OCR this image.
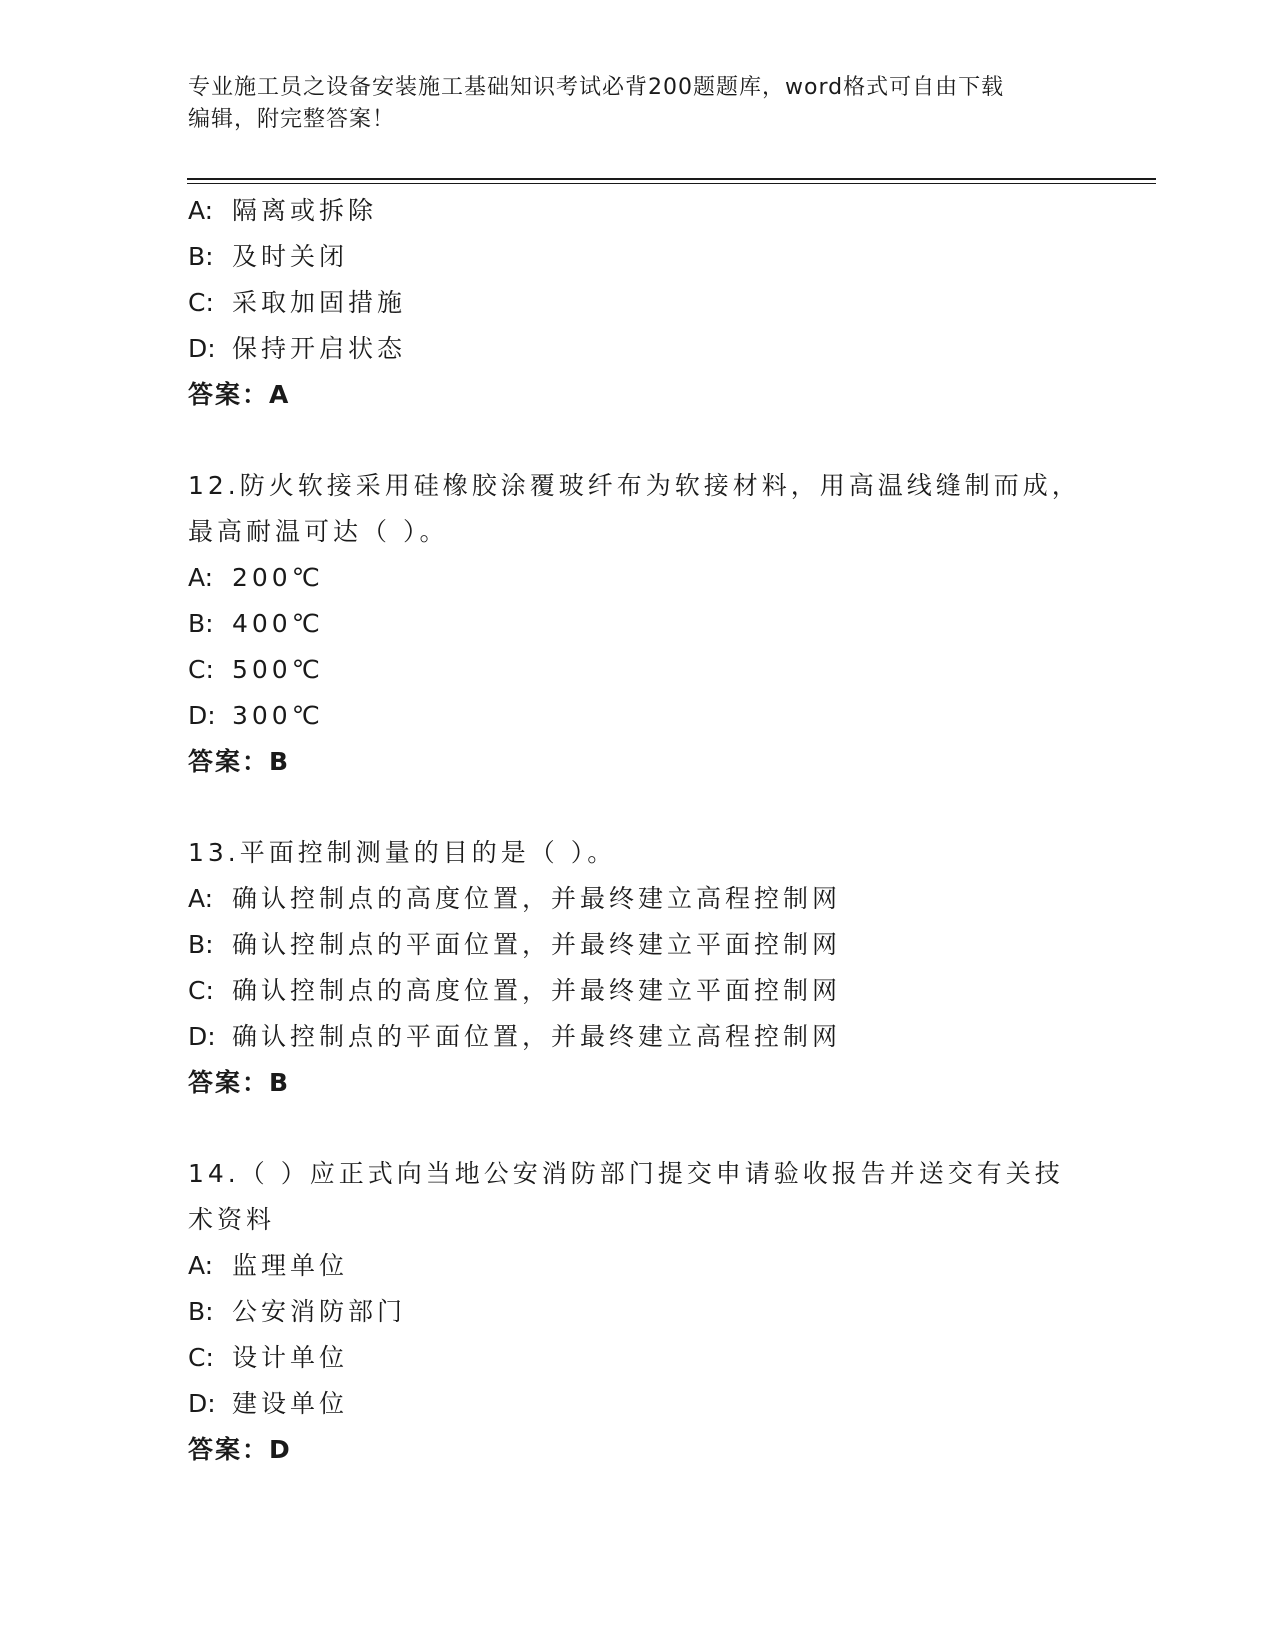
专业施工员之设备安装施工基础知识考试必背200题题库，word格式可自由下载
编辑，附完整答案！
A: 隔离或拆除
B: 及时关闭
C: 采取加固措施
D: 保持开启状态
答案：A
12.防火软接采用硅橡胶涂覆玻纤布为软接材料，用高温线缝制而成，
最高耐温可达（ ）。
A: 200℃
B: 400℃
C: 500℃
D: 300℃
答案：B
13.平面控制测量的目的是（ ）。
A: 确认控制点的高度位置，并最终建立高程控制网
B: 确认控制点的平面位置，并最终建立平面控制网
C: 确认控制点的高度位置，并最终建立平面控制网
D: 确认控制点的平面位置，并最终建立高程控制网
答案：B
14.（ ）应正式向当地公安消防部门提交申请验收报告并送交有关技
术资料
A: 监理单位
B: 公安消防部门
C: 设计单位
D: 建设单位
答案：D
